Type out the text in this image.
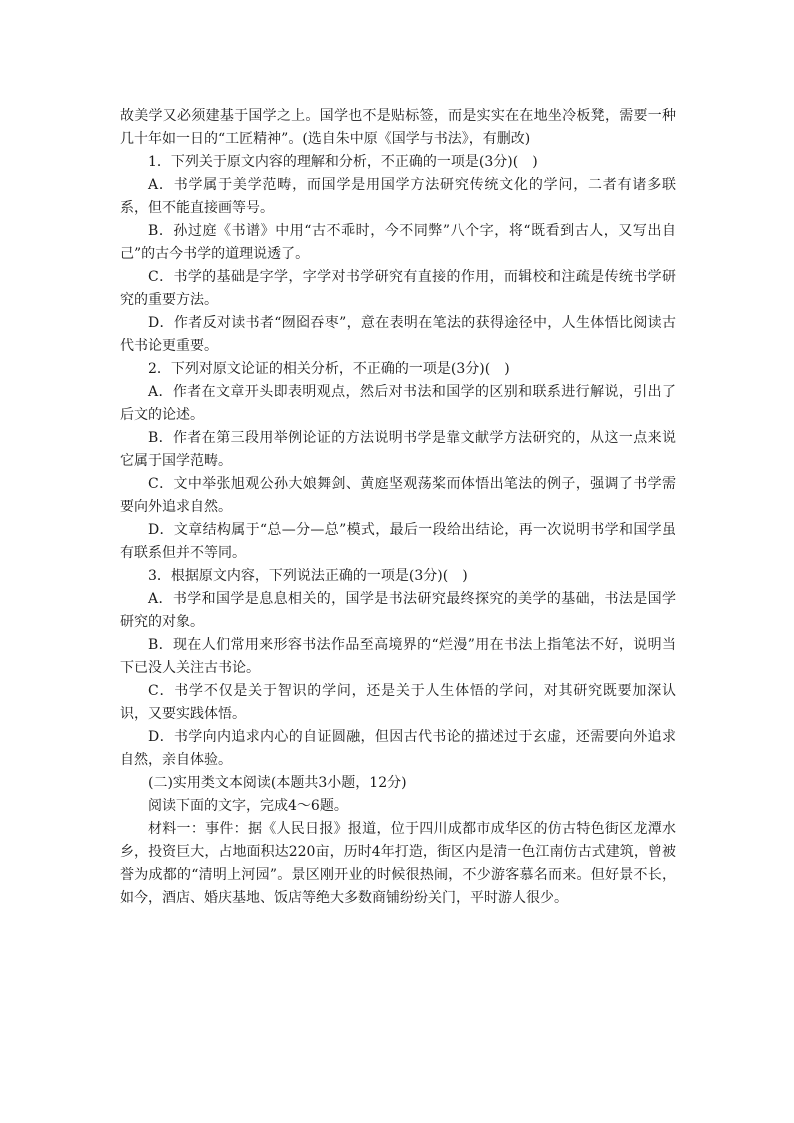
故美学又必须建基于国学之上。国学也不是贴标签，而是实实在在地坐冷板凳，需要一种几十年如一日的“工匠精神”。(选自朱中原《国学与书法》，有删改)

1．下列关于原文内容的理解和分析，不正确的一项是(3分)(　)

A．书学属于美学范畴，而国学是用国学方法研究传统文化的学问，二者有诸多联系，但不能直接画等号。

B．孙过庭《书谱》中用“古不乖时，今不同弊”八个字，将“既看到古人，又写出自己”的古今书学的道理说透了。

C．书学的基础是字学，字学对书学研究有直接的作用，而辑校和注疏是传统书学研究的重要方法。

D．作者反对读书者“囫囵吞枣”，意在表明在笔法的获得途径中，人生体悟比阅读古代书论更重要。

2．下列对原文论证的相关分析，不正确的一项是(3分)(　)

A．作者在文章开头即表明观点，然后对书法和国学的区别和联系进行解说，引出了后文的论述。

B．作者在第三段用举例论证的方法说明书学是靠文献学方法研究的，从这一点来说它属于国学范畴。

C．文中举张旭观公孙大娘舞剑、黄庭坚观荡桨而体悟出笔法的例子，强调了书学需要向外追求自然。

D．文章结构属于“总—分—总”模式，最后一段给出结论，再一次说明书学和国学虽有联系但并不等同。

3．根据原文内容，下列说法正确的一项是(3分)(　)

A．书学和国学是息息相关的，国学是书法研究最终探究的美学的基础，书法是国学研究的对象。

B．现在人们常用来形容书法作品至高境界的“烂漫”用在书法上指笔法不好，说明当下已没人关注古书论。

C．书学不仅是关于智识的学问，还是关于人生体悟的学问，对其研究既要加深认识，又要实践体悟。

D．书学向内追求内心的自证圆融，但因古代书论的描述过于玄虚，还需要向外追求自然，亲自体验。

(二)实用类文本阅读(本题共3小题，12分)

阅读下面的文字，完成4～6题。

材料一：事件：据《人民日报》报道，位于四川成都市成华区的仿古特色街区龙潭水乡，投资巨大，占地面积达220亩，历时4年打造，街区内是清一色江南仿古式建筑，曾被誉为成都的“清明上河园”。景区刚开业的时候很热闹，不少游客慕名而来。但好景不长，如今，酒店、婚庆基地、饭店等绝大多数商铺纷纷关门，平时游人很少。
